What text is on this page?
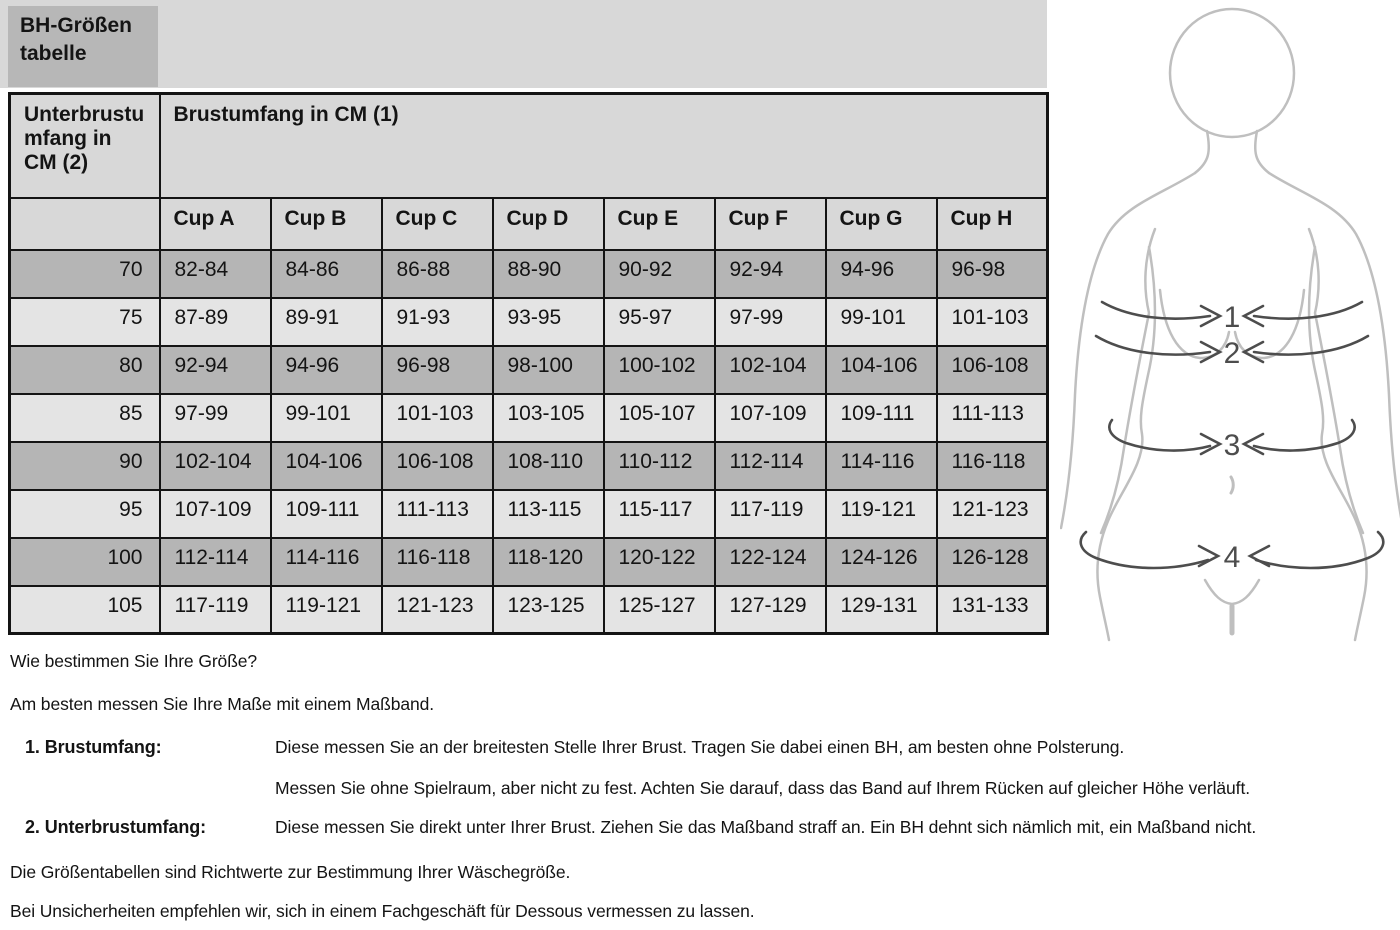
BH-Größen tabelle
Unterbrustumfang in CM (2)	Brustumfang in CM (1)							
	Cup A	Cup B	Cup C	Cup D	Cup E	Cup F	Cup G	Cup H
70	82-84	84-86	86-88	88-90	90-92	92-94	94-96	96-98
75	87-89	89-91	91-93	93-95	95-97	97-99	99-101	101-103
80	92-94	94-96	96-98	98-100	100-102	102-104	104-106	106-108
85	97-99	99-101	101-103	103-105	105-107	107-109	109-111	111-113
90	102-104	104-106	106-108	108-110	110-112	112-114	114-116	116-118
95	107-109	109-111	111-113	113-115	115-117	117-119	119-121	121-123
100	112-114	114-116	116-118	118-120	120-122	122-124	124-126	126-128
105	117-119	119-121	121-123	123-125	125-127	127-129	129-131	131-133
1
2
3
4
Wie bestimmen Sie Ihre Größe?
Am besten messen Sie Ihre Maße mit einem Maßband.
1. Brustumfang:	Diese messen Sie an der breitesten Stelle Ihrer Brust. Tragen Sie dabei einen BH, am besten ohne Polsterung.
Messen Sie ohne Spielraum, aber nicht zu fest. Achten Sie darauf, dass das Band auf Ihrem Rücken auf gleicher Höhe verläuft.
2. Unterbrustumfang:	Diese messen Sie direkt unter Ihrer Brust. Ziehen Sie das Maßband straff an. Ein BH dehnt sich nämlich mit, ein Maßband nicht.
Die Größentabellen sind Richtwerte zur Bestimmung Ihrer Wäschegröße.
Bei Unsicherheiten empfehlen wir, sich in einem Fachgeschäft für Dessous vermessen zu lassen.
